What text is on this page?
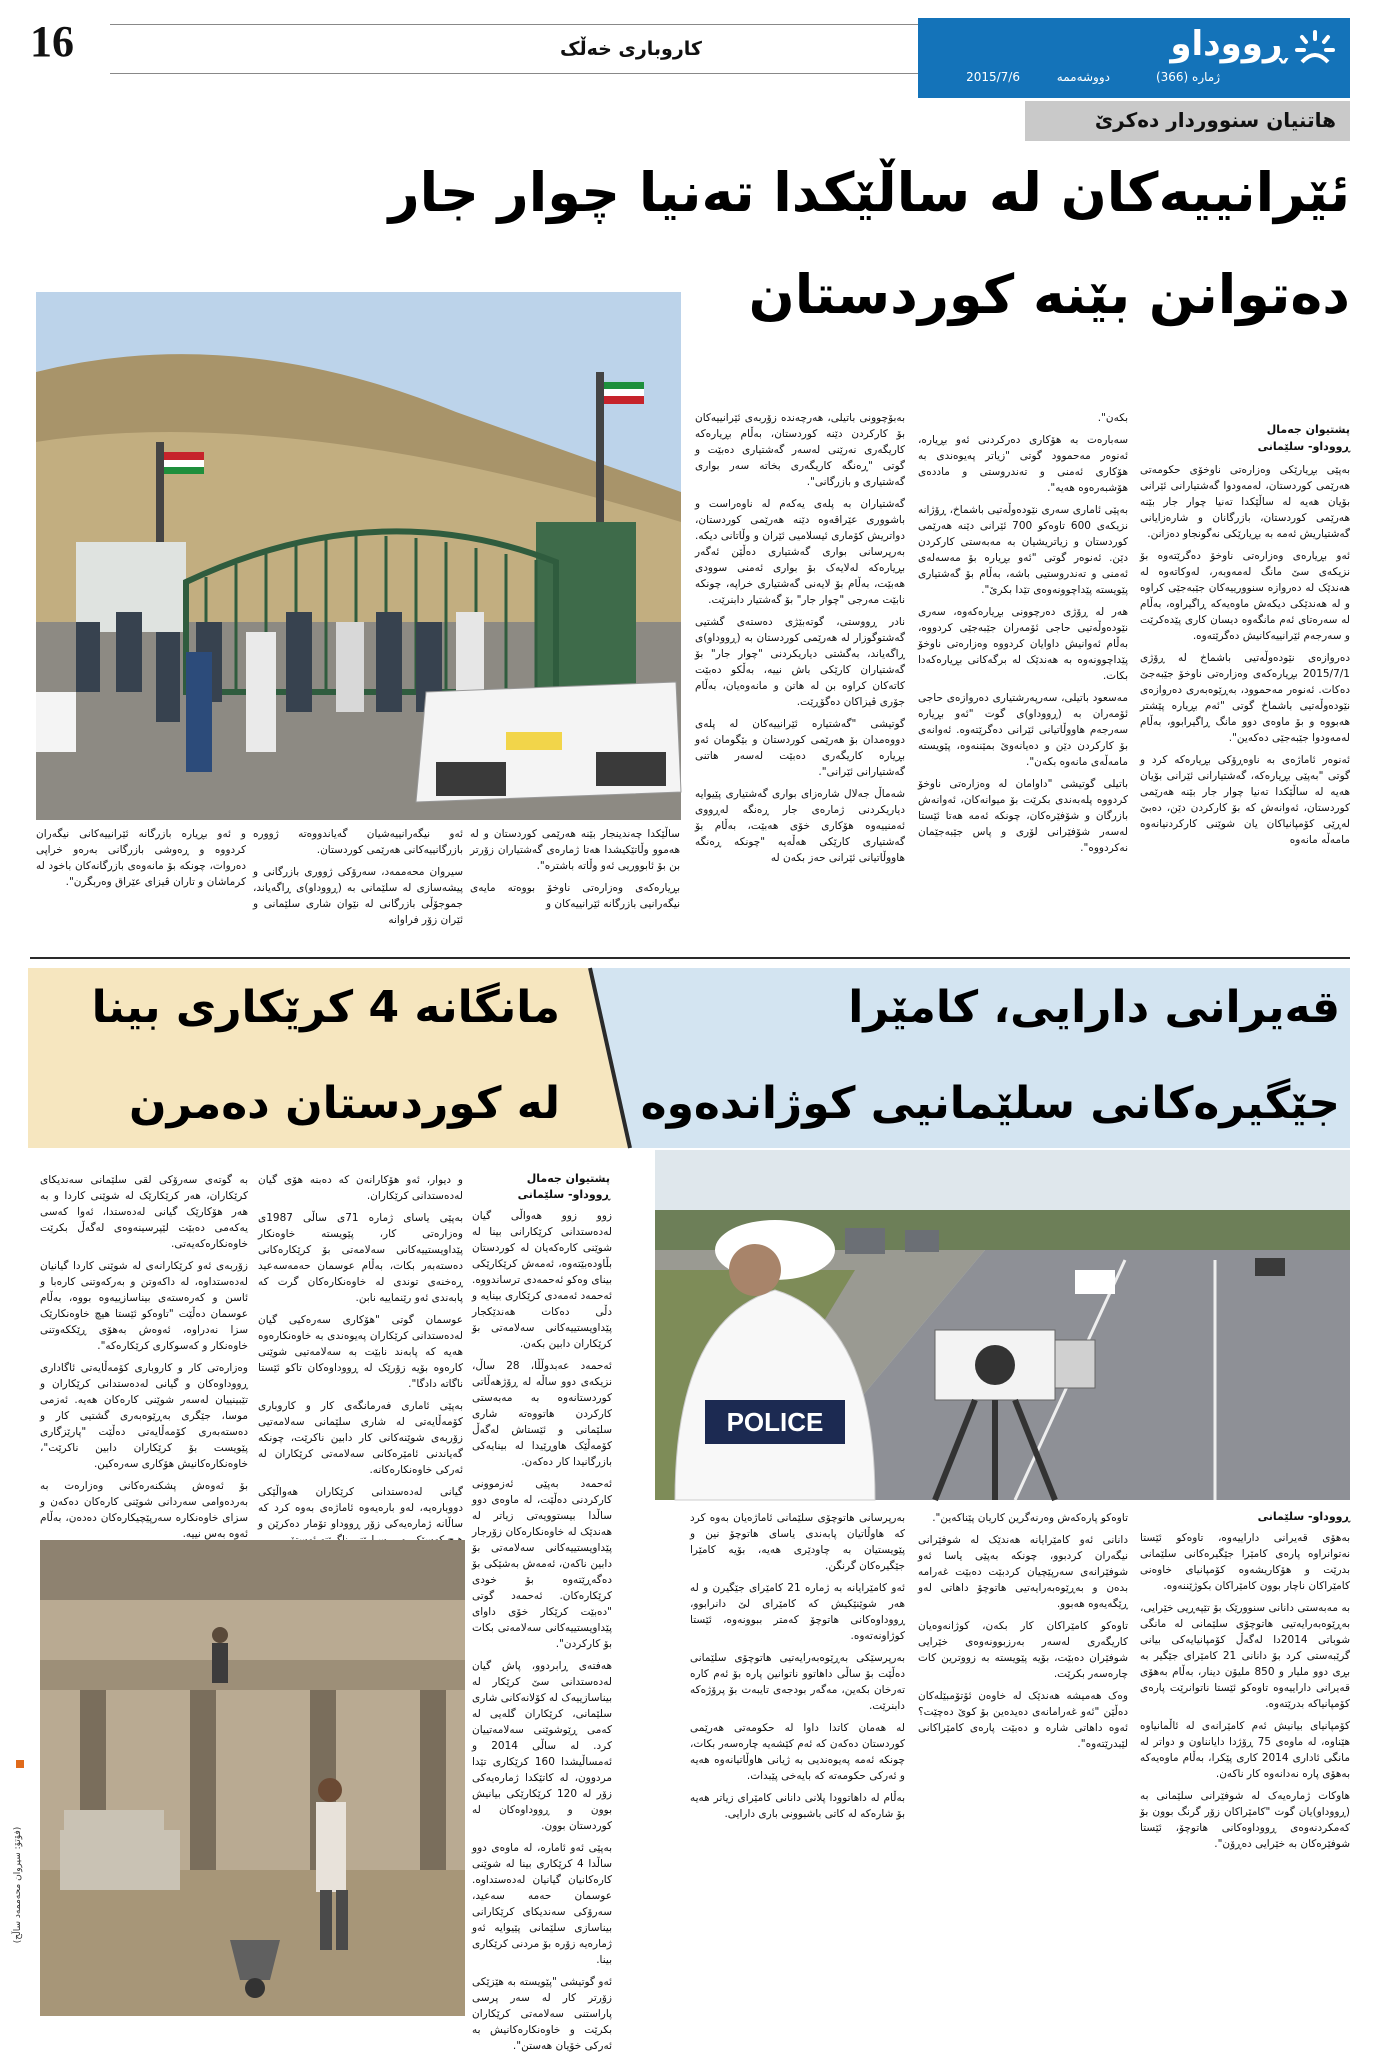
16	کاروباری خەڵک	ڕووداو
ژمارە (366)
دووشەممە
2015/7/6
هاتنیان سنووردار دەکرێ
ئێرانییەکان لە ساڵێکدا تەنیا چوار جار
دەتوانن بێنە کوردستان
پشتیوان جەمال
ڕووداو- سلێمانی

بەپێی بڕیارێکی وەزارەتی ناوخۆی حکومەتی هەرێمی کوردستان، لەمەودوا گەشتیارانی ئێرانی بۆیان هەیە لە ساڵێکدا تەنیا چوار جار بێنە هەرێمی کوردستان، بازرگانان و شارەزایانی گەشتیاریش ئەمە بە بڕیارێکی نەگونجاو دەزانن.

ئەو بڕیارەی وەزارەتی ناوخۆ دەگرێتەوە بۆ نزیکەی سێ مانگ لەمەوبەر، لەوکاتەوە لە هەندێک لە دەروازە سنوورییەکان جێبەجێی کراوە و لە هەندێکی دیکەش ماوەیەکە ڕاگیراوە، بەڵام لە سەرەتای ئەم مانگەوە دیسان کاری پێدەکرێت و سەرجەم ئێرانییەکانیش دەگرێتەوە.

دەروازەی نێودەوڵەتیی باشماخ لە ڕۆژی 2015/7/1 بڕیارەکەی وەزارەتی ناوخۆ جێبەجێ دەکات. ئەنوەر مەحموود، بەڕێوەبەری دەروازەی نێودەوڵەتیی باشماخ گوتی "ئەم بڕیارە پێشتر هەبووە و بۆ ماوەی دوو مانگ ڕاگیرابوو، بەڵام لەمەودوا جێبەجێی دەکەین".

ئەنوەر ئاماژەی بە ناوەڕۆکی بڕیارەکە کرد و گوتی "بەپێی بڕیارەکە، گەشتیارانی ئێرانی بۆیان هەیە لە ساڵێکدا تەنیا چوار جار بێنە هەرێمی کوردستان، ئەوانەش کە بۆ کارکردن دێن، دەبێ لەڕێی کۆمپانیاکان یان شوێنی کارکردنیانەوە مامەڵە مانەوە

بکەن".

سەبارەت بە هۆکاری دەرکردنی ئەو بڕیارە، ئەنوەر مەحموود گوتی "زیاتر پەیوەندی بە هۆکاری ئەمنی و تەندروستی و ماددەی هۆشبەرەوە هەیە".

بەپێی ئاماری سەری نێودەوڵەتیی باشماخ، ڕۆژانە نزیکەی 600 تاوەکو 700 ئێرانی دێنە هەرێمی کوردستان و زیاتریشیان بە مەبەستی کارکردن دێن. ئەنوەر گوتی "ئەو بڕیارە بۆ مەسەلەی ئەمنی و تەندروستیی باشە، بەڵام بۆ گەشتیاری پێویستە پێداچوونەوەی تێدا بکرێ".

هەر لە ڕۆژی دەرچوونی بڕیارەکەوە، سەری نێودەوڵەتیی حاجی ئۆمەران جێبەجێی کردووە، بەڵام ئەوانیش داوایان کردووە وەزارەتی ناوخۆ پێداچوونەوە بە هەندێک لە برگەکانی بڕیارەکەدا بکات.

مەسعود باتیلی، سەرپەرشتیاری دەروازەی حاجی ئۆمەران بە (ڕووداو)ی گوت "ئەو بڕیارە سەرجەم هاووڵاتیانی ئێرانی دەگرێتەوە. ئەوانەی بۆ کارکردن دێن و دەیانەوێ بمێننەوە، پێویستە مامەڵەی مانەوە بکەن".

باتیلی گوتیشی "داوامان لە وەزارەتی ناوخۆ کردووە پلەبەندی بکرێت بۆ میوانەکان، ئەوانەش بازرگان و شۆفێرەکان، چونکە ئەمە هەتا ئێستا لەسەر شۆفێرانی لۆری و پاس جێبەجێمان نەکردووە".

بەبۆچوونی باتیلی، هەرچەندە زۆربەی ئێرانییەکان بۆ کارکردن دێنە کوردستان، بەڵام بڕیارەکە کاریگەری نەرێنی لەسەر گەشتیاری دەبێت و گوتی "ڕەنگە کاریگەری بخاتە سەر بواری گەشتیاری و بازرگانی".

گەشتیاران بە پلەی یەکەم لە ناوەراست و باشووری عێراقەوە دێنە هەرێمی کوردستان، دواتریش کۆماری ئیسلامیی ئێران و وڵاتانی دیکە. بەرپرسانی بواری گەشتیاری دەڵێن ئەگەر بڕیارەکە لەلایەک بۆ بواری ئەمنی سوودی هەبێت، بەڵام بۆ لایەنی گەشتیاری خراپە، چونکە نابێت مەرجی "چوار جار" بۆ گەشتیار دابنرێت.

نادر ڕووستی، گوتەبێژی دەستەی گشتیی گەشتوگوزار لە هەرێمی کوردستان بە (ڕووداو)ی ڕاگەیاند، بەگشتی دیاریکردنی "چوار جار" بۆ گەشتیاران کارێکی باش نییە، بەڵکو دەبێت کاتەکان کراوە بن لە هاتن و مانەوەیان، بەڵام جۆری ڤیزاکان دەگۆڕێت.

گوتیشی "گەشتیارە ئێرانییەکان لە پلەی دووەمدان بۆ هەرێمی کوردستان و بێگومان ئەو بڕیارە کاریگەری دەبێت لەسەر هاتنی گەشتیارانی ئێرانی".

شەماڵ جەلال شارەزای بواری گەشتیاری پێیوایە دیاریکردنی ژمارەی جار ڕەنگە لەڕووی ئەمنییەوە هۆکاری خۆی هەبێت، بەڵام بۆ گەشتیاری کارێکی هەڵەیە "چونکە ڕەنگە هاووڵاتیانی ئێرانی حەز بکەن لە

ساڵێکدا چەندینجار بێنە هەرێمی کوردستان و لە هەموو وڵاتێکیشدا هەتا ژمارەی گەشتیاران زۆرتر بن بۆ ئابووریی ئەو وڵاتە باشترە".

بڕیارەکەی وەزارەتی ناوخۆ بووەتە مایەی نیگەرانیی بازرگانە ئێرانییەکان و

ئەو نیگەرانییەشیان گەیاندووەتە ژوورە بازرگانییەکانی هەرێمی کوردستان.

سیروان محەممەد، سەرۆکی ژووری بازرگانی و پیشەسازی لە سلێمانی بە (ڕووداو)ی ڕاگەیاند، جموجۆڵی بازرگانی لە نێوان شاری سلێمانی و ئێران زۆر فراوانە

و ئەو بڕیارە بازرگانە ئێرانییەکانی نیگەران کردووە و ڕەوشی بازرگانی بەرەو خراپی دەروات، چونکە بۆ مانەوەی بازرگانەکان باخود لە کرماشان و تاران ڤیزای عێراق وەربگرن".

مانگانە 4 کرێکاری بینا
لە کوردستان دەمرن
پشتیوان جەمال
ڕووداو- سلێمانی

زوو زوو هەواڵی گیان لەدەستدانی کرێکارانی بینا لە شوێنی کارەکەیان لە کوردستان بڵاودەبێتەوە، ئەمەش کرێکارێکی بینای وەکو ئەحمەدی ترساندووە. ئەحمەد ئەمەدی کرێکاری بینایە و دڵی دەکات هەندێکجار پێداویستییەکانی سەلامەتی بۆ کرێکاران دابین بکەن.

ئەحمەد عەبدوڵڵا، 28 ساڵ، نزیکەی دوو ساڵە لە ڕۆژهەڵاتی کوردستانەوە بە مەبەستی کارکردن هاتووەتە شاری سلێمانی و ئێستاش لەگەڵ کۆمەڵێک هاوڕێیدا لە بینایەکی بازرگانیدا کار دەکەن.

ئەحمەد بەپێی ئەزموونی کارکردنی دەڵێت، لە ماوەی دوو ساڵدا بیستوویەتی زیاتر لە هەندێک لە خاوەنکارەکان زۆرجار پێداویستییەکانی سەلامەتی بۆ دابین ناکەن، ئەمەش بەشێکی بۆ دەگەڕێتەوە بۆ خودی کرێکارەکان. ئەحمەد گوتی "دەبێت کرێکار خۆی داوای پێداویستییەکانی سەلامەتی بکات بۆ کارکردن".

هەفتەی ڕابردوو، پاش گیان لەدەستدانی سێ کرێکار لە بیناسازییەک لە کۆلانەکانی شاری سلێمانی، کرێکاران گلەیی لە کەمی ڕێوشوێنی سەلامەتییان کرد. لە ساڵی 2014 و ئەمساڵیشدا 160 کرێکاری تێدا مردوون، لە کاتێکدا ژمارەیەکی زۆر لە 120 کرێکارێکی بیانیش بوون و ڕووداوەکان لە کوردستان بوون.

بەپێی ئەو ئامارە، لە ماوەی دوو ساڵدا 4 کرێکاری بینا لە شوێنی کارەکانیان گیانیان لەدەستداوە. عوسمان حەمە سەعید، سەرۆکی سەندیکای کرێکارانی بیناسازی سلێمانی پێیوایە ئەو ژمارەیە زۆرە بۆ مردنی کرێکاری بینا.

ئەو گوتیشی "پێویستە بە هێزێکی زۆرتر کار لە سەر پرسی پاراستنی سەلامەتی کرێکاران بکرێت و خاوەنکارەکانیش بە ئەرکی خۆیان هەستن".

و دیوار، ئەو هۆکارانەن کە دەبنە هۆی گیان لەدەستدانی کرێکاران.

بەپێی یاسای ژمارە 71ی ساڵی 1987ی وەزارەتی کار، پێویستە خاوەنکار پێداویستییەکانی سەلامەتی بۆ کرێکارەکانی دەستەبەر بکات، بەڵام عوسمان حەمەسەعید ڕەخنەی توندی لە خاوەنکارەکان گرت کە پابەندی ئەو رێنماییە نابن.

عوسمان گوتی "هۆکاری سەرەکیی گیان لەدەستدانی کرێکاران پەیوەندی بە خاوەنکارەوە هەیە کە پابەند نابێت بە سەلامەتیی شوێنی کارەوە بۆیە زۆرێک لە ڕووداوەکان تاکو ئێستا ناگاتە دادگا".

بەپێی ئاماری فەرمانگەی کار و کاروباری کۆمەڵایەتی لە شاری سلێمانی سەلامەتیی زۆربەی شوێنەکانی کار دابین ناکرێت، چونکە گەیاندنی ئامێرەکانی سەلامەتی کرێکاران لە ئەرکی خاوەنکارەکانە.

گیانی لەدەستدانی کرێکاران هەواڵێکی دووبارەیە، لەو بارەیەوە ئاماژەی بەوە کرد کە ساڵانە ژمارەیەکی زۆر ڕووداو تۆمار دەکرێن و

بە گوتەی سەرۆکی لقی سلێمانی سەندیکای کرێکاران، هەر کرێکارێک لە شوێنی کاردا و بە هەر هۆکارێک گیانی لەدەستدا، ئەوا کەسی یەکەمی دەبێت لێپرسینەوەی لەگەڵ بکرێت خاوەنکارەکەیەتی.

زۆربەی ئەو کرێکارانەی لە شوێنی کاردا گیانیان لەدەستداوە، لە داکەوتن و بەرکەوتنی کارەبا و ئاسن و کەرەستەی بیناسازییەوە بووە، بەڵام عوسمان دەڵێت "تاوەکو ئێستا هیچ خاوەنکارێک سزا نەدراوە، ئەوەش بەهۆی ڕێککەوتنی خاوەنکار و کەسوکاری کرێکارەکە".

وەزارەتی کار و کاروباری کۆمەڵایەتی ئاگاداری ڕووداوەکان و گیانی لەدەستدانی کرێکاران و تێبینییان لەسەر شوێنی کارەکان هەیە. ئەزمی موسا، جێگری بەڕێوەبەری گشتیی کار و دەستەبەری کۆمەڵایەتی دەڵێت "پارێزگاری پێویست بۆ کرێکاران دابین ناکرێت"، خاوەنکارەکانیش هۆکاری سەرەکین.

بۆ ئەوەش پشکنەرەکانی وەزارەت بە بەردەوامی سەردانی شوێنی کارەکان دەکەن و سزای خاوەنکارە سەرپێچیکارەکان دەدەن، بەڵام ئەوە بەس نییە.

(فۆتۆ: سیروان محەممەد ساڵح)
قەیرانی دارایی، کامێرا
جێگیرەکانی سلێمانیی کوژاندەوە
POLICE
ڕووداو- سلێمانی

بەهۆی قەیرانی داراییەوە، تاوەکو ئێستا نەتوانراوە پارەی کامێرا جێگیرەکانی سلێمانی بدرێت و هۆکاریشەوە کۆمپانیای خاوەنی کامێراکان ناچار بوون کامێراکان بکوژێننەوە.

بە مەبەستی دانانی سنوورێک بۆ تێپەڕیی خێرایی، بەڕێوەبەرایەتیی هاتوچۆی سلێمانی لە مانگی شوباتی 2014دا لەگەڵ کۆمپانیایەکی بیانی گرێبەستی کرد بۆ دانانی 21 کامێرای جێگیر بە بڕی دوو ملیار و 850 ملیۆن دینار، بەڵام بەهۆی قەیرانی داراییەوە تاوەکو ئێستا ناتوانرێت پارەی کۆمپانیاکە بدرێتەوە.

کۆمپانیای بیانیش ئەم کامێرانەی لە ئاڵمانیاوە هێناوە، لە ماوەی 75 ڕۆژدا دایانناون و دواتر لە مانگی ئاداری 2014 کاری پێکرا، بەڵام ماوەیەکە بەهۆی پارە نەدانەوە کار ناکەن.

هاوکات ژمارەیەک لە شوفێرانی سلێمانی بە (ڕووداو)یان گوت "کامێراکان زۆر گرنگ بوون بۆ کەمکردنەوەی ڕووداوەکانی هاتوچۆ، ئێستا شوفێرەکان بە خێرایی دەڕۆن".

تاوەکو پارەکەش وەرنەگرین کاریان پێناکەین".

دانانی ئەو کامێرایانە هەندێک لە شوفێرانی نیگەران کردبوو، چونکە بەپێی یاسا ئەو شوفێرانەی سەرپێچیان کردبێت دەبێت غەرامە بدەن و بەڕێوەبەرایەتیی هاتوچۆ داهاتی لەو ڕێگەیەوە هەبوو.

تاوەکو کامێراکان کار بکەن، کوژانەوەیان کاریگەری لەسەر بەرزبوونەوەی خێرایی شوفێران دەبێت، بۆیە پێویستە بە زووترین کات چارەسەر بکرێت.

وەک هەمیشە هەندێک لە خاوەن ئۆتۆمبێلەکان دەڵێن "ئەو غەرامانەی دەیدەین بۆ کوێ دەچێت؟ ئەوە داهاتی شارە و دەبێت پارەی کامێراکانی لێبدرێتەوە".

بەرپرسانی هاتوچۆی سلێمانی ئاماژەیان بەوە کرد کە هاوڵاتیان پابەندی یاسای هاتوچۆ نین و پێویستیان بە چاودێری هەیە، بۆیە کامێرا جێگیرەکان گرنگن.

ئەو کامێرایانە بە ژمارە 21 کامێرای جێگیرن و لە هەر شوێنێکیش کە کامێرای لێ دانرابوو، ڕووداوەکانی هاتوچۆ کەمتر ببوونەوە، ئێستا کوژاونەتەوە.

بەرپرسێکی بەڕێوەبەرایەتیی هاتوچۆی سلێمانی دەڵێت بۆ ساڵی داهاتوو ناتوانین پارە بۆ ئەم کارە تەرخان بکەین، مەگەر بودجەی تایبەت بۆ پرۆژەکە دابنرێت.

لە هەمان کاتدا داوا لە حکومەتی هەرێمی کوردستان دەکەن کە ئەم کێشەیە چارەسەر بکات، چونکە ئەمە پەیوەندیی بە ژیانی هاوڵاتیانەوە هەیە و ئەرکی حکومەتە کە بایەخی پێبدات.

بەڵام لە داهاتوودا پلانی دانانی کامێرای زیاتر هەیە بۆ شارەکە لە کاتی باشبوونی باری دارایی.
